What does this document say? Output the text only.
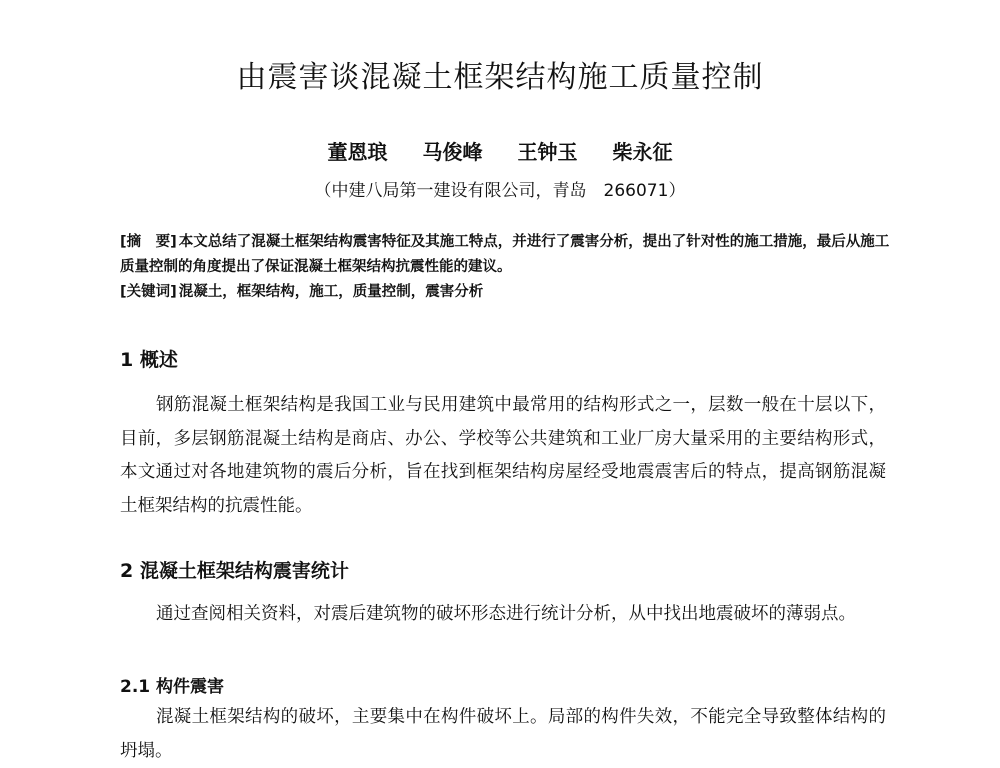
由震害谈混凝土框架结构施工质量控制
董恩琅 马俊峰 王钟玉 柴永征
（中建八局第一建设有限公司，青岛　266071）

[摘　要] 本文总结了混凝土框架结构震害特征及其施工特点，并进行了震害分析，提出了针对性的施工措施，最后从施工质量控制的角度提出了保证混凝土框架结构抗震性能的建议。

[关键词] 混凝土，框架结构，施工，质量控制，震害分析

1 概述
钢筋混凝土框架结构是我国工业与民用建筑中最常用的结构形式之一，层数一般在十层以下，目前，多层钢筋混凝土结构是商店、办公、学校等公共建筑和工业厂房大量采用的主要结构形式，本文通过对各地建筑物的震后分析，旨在找到框架结构房屋经受地震震害后的特点，提高钢筋混凝土框架结构的抗震性能。
2 混凝土框架结构震害统计
通过查阅相关资料，对震后建筑物的破坏形态进行统计分析，从中找出地震破坏的薄弱点。
2.1 构件震害
混凝土框架结构的破坏，主要集中在构件破坏上。局部的构件失效，不能完全导致整体结构的坍塌。
